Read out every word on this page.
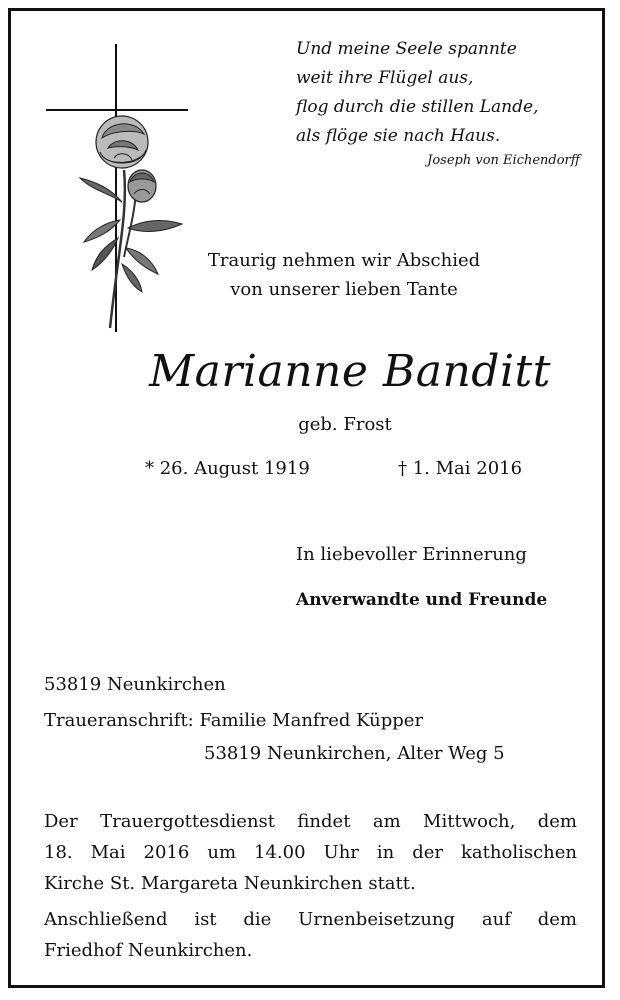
Und meine Seele spannte
weit ihre Flügel aus,
flog durch die stillen Lande,
als flöge sie nach Haus.
Joseph von Eichendorff
Traurig nehmen wir Abschied
von unserer lieben Tante
Marianne Banditt
geb. Frost
* 26. August 1919	† 1. Mai 2016
In liebevoller Erinnerung
Anverwandte und Freunde
53819 Neunkirchen
Traueranschrift: Familie Manfred Küpper
53819 Neunkirchen, Alter Weg 5
Der Trauergottesdienst findet am Mittwoch, dem
18. Mai 2016 um 14.00 Uhr in der katholischen
Kirche St. Margareta Neunkirchen statt.
Anschließend ist die Urnenbeisetzung auf dem
Friedhof Neunkirchen.
